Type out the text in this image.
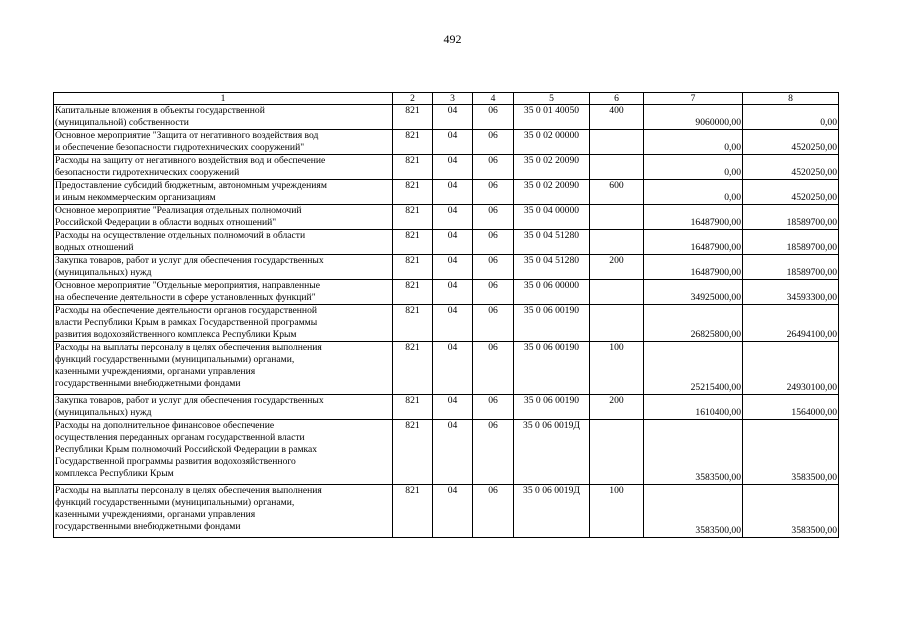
492
1	2	3	4	5	6	7	8
Капитальные вложения в объекты государственной
(муниципальной) собственности	821	04	06	35 0 01 40050	400	9060000,00	0,00
Основное мероприятие "Защита от негативного воздействия вод
и обеспечение безопасности гидротехнических сооружений"	821	04	06	35 0 02 00000		0,00	4520250,00
Расходы на защиту от негативного воздействия вод и обеспечение
безопасности гидротехнических сооружений	821	04	06	35 0 02 20090		0,00	4520250,00
Предоставление субсидий бюджетным, автономным учреждениям
и иным некоммерческим организациям	821	04	06	35 0 02 20090	600	0,00	4520250,00
Основное мероприятие "Реализация отдельных полномочий
Российской Федерации в области водных отношений"	821	04	06	35 0 04 00000		16487900,00	18589700,00
Расходы на осуществление отдельных полномочий в области
водных отношений	821	04	06	35 0 04 51280		16487900,00	18589700,00
Закупка товаров, работ и услуг для обеспечения государственных
(муниципальных) нужд	821	04	06	35 0 04 51280	200	16487900,00	18589700,00
Основное мероприятие "Отдельные мероприятия, направленные
на обеспечение деятельности в сфере установленных функций"	821	04	06	35 0 06 00000		34925000,00	34593300,00
Расходы на обеспечение деятельности органов государственной
власти Республики Крым в рамках Государственной программы
развития водохозяйственного комплекса Республики Крым	821	04	06	35 0 06 00190		26825800,00	26494100,00
Расходы на выплаты персоналу в целях обеспечения выполнения
функций государственными (муниципальными) органами,
казенными учреждениями, органами управления
государственными внебюджетными фондами	821	04	06	35 0 06 00190	100	25215400,00	24930100,00
Закупка товаров, работ и услуг для обеспечения государственных
(муниципальных) нужд	821	04	06	35 0 06 00190	200	1610400,00	1564000,00
Расходы на дополнительное финансовое обеспечение
осуществления переданных органам государственной власти
Республики Крым полномочий Российской Федерации в рамках
Государственной программы развития водохозяйственного
комплекса Республики Крым	821	04	06	35 0 06 0019Д		3583500,00	3583500,00
Расходы на выплаты персоналу в целях обеспечения выполнения
функций государственными (муниципальными) органами,
казенными учреждениями, органами управления
государственными внебюджетными фондами	821	04	06	35 0 06 0019Д	100	3583500,00	3583500,00
